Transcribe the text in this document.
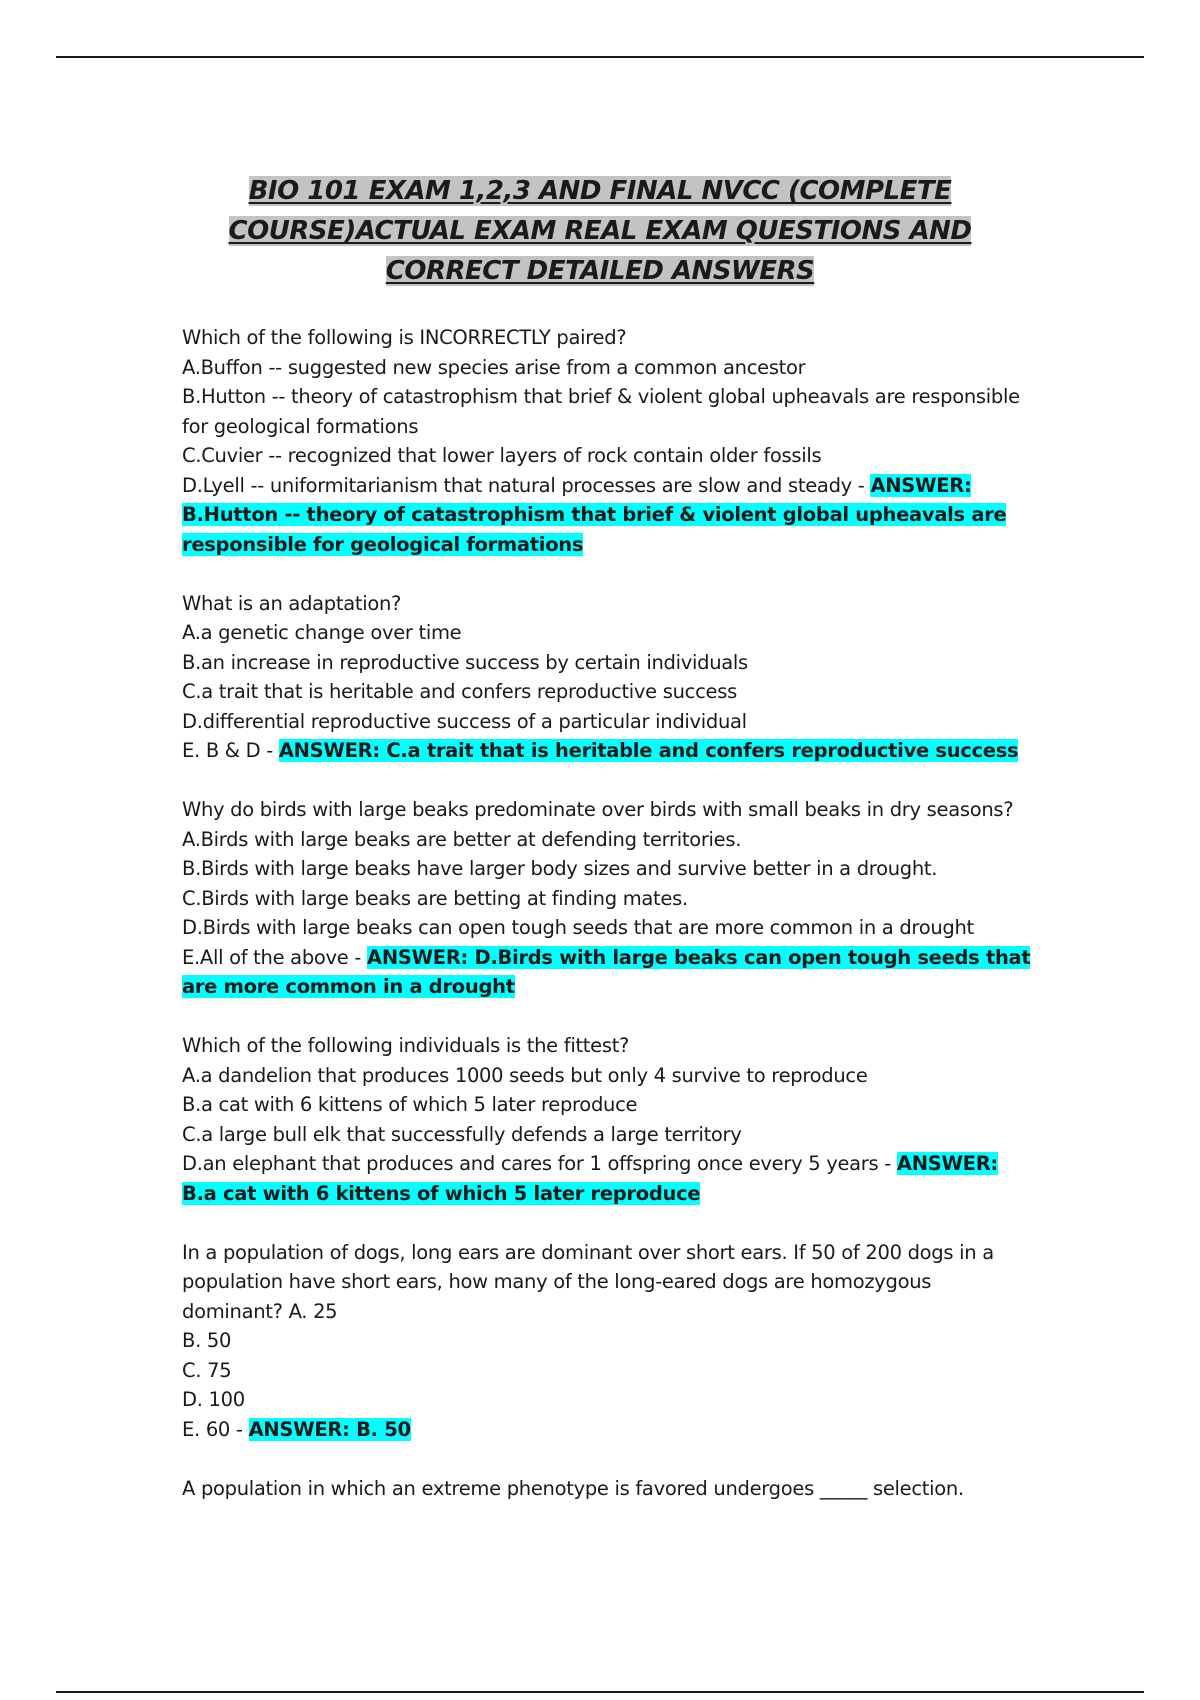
BIO 101 EXAM 1,2,3 AND FINAL NVCC (COMPLETE
COURSE)ACTUAL EXAM REAL EXAM QUESTIONS AND
CORRECT DETAILED ANSWERS
Which of the following is INCORRECTLY paired?
A.Buffon -- suggested new species arise from a common ancestor
B.Hutton -- theory of catastrophism that brief & violent global upheavals are responsible for geological formations
C.Cuvier -- recognized that lower layers of rock contain older fossils
D.Lyell -- uniformitarianism that natural processes are slow and steady - ANSWER: B.Hutton -- theory of catastrophism that brief & violent global upheavals are responsible for geological formations
What is an adaptation?
A.a genetic change over time
B.an increase in reproductive success by certain individuals
C.a trait that is heritable and confers reproductive success
D.differential reproductive success of a particular individual
E. B & D - ANSWER: C.a trait that is heritable and confers reproductive success
Why do birds with large beaks predominate over birds with small beaks in dry seasons?
A.Birds with large beaks are better at defending territories.
B.Birds with large beaks have larger body sizes and survive better in a drought.
C.Birds with large beaks are betting at finding mates.
D.Birds with large beaks can open tough seeds that are more common in a drought
E.All of the above - ANSWER: D.Birds with large beaks can open tough seeds that are more common in a drought
Which of the following individuals is the fittest?
A.a dandelion that produces 1000 seeds but only 4 survive to reproduce
B.a cat with 6 kittens of which 5 later reproduce
C.a large bull elk that successfully defends a large territory
D.an elephant that produces and cares for 1 offspring once every 5 years - ANSWER: B.a cat with 6 kittens of which 5 later reproduce
In a population of dogs, long ears are dominant over short ears. If 50 of 200 dogs in a population have short ears, how many of the long-eared dogs are homozygous dominant? A. 25
B. 50
C. 75
D. 100
E. 60 - ANSWER: B. 50
A population in which an extreme phenotype is favored undergoes _____ selection.
